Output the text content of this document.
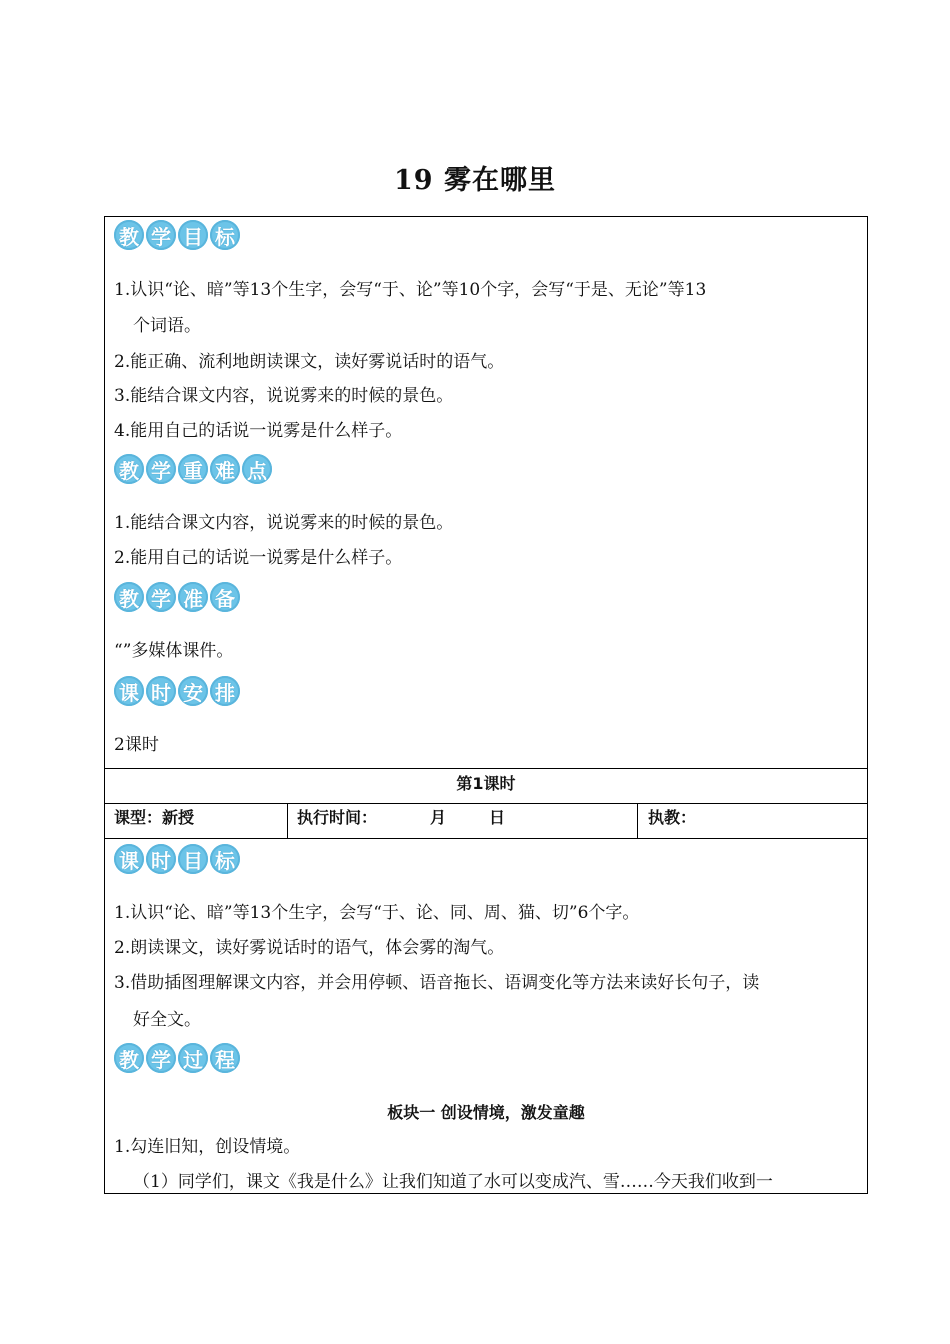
19 雾在哪里
教 学 目 标
1.认识“论、暗”等13个生字，会写“于、论”等10个字，会写“于是、无论”等13
个词语。
2.能正确、流利地朗读课文，读好雾说话时的语气。
3.能结合课文内容，说说雾来的时候的景色。
4.能用自己的话说一说雾是什么样子。
教 学 重 难 点
1.能结合课文内容，说说雾来的时候的景色。
2.能用自己的话说一说雾是什么样子。
教 学 准 备
“”多媒体课件。
课 时 安 排
2课时
第1课时
课型：新授	执行时间：	月	日	执教：
课 时 目 标
1.认识“论、暗”等13个生字，会写“于、论、同、周、猫、切”6个字。
2.朗读课文，读好雾说话时的语气，体会雾的淘气。
3.借助插图理解课文内容，并会用停顿、语音拖长、语调变化等方法来读好长句子，读
好全文。
教 学 过 程
板块一 创设情境，激发童趣
1.勾连旧知，创设情境。
（1）同学们，课文《我是什么》让我们知道了水可以变成汽、雪……今天我们收到一
